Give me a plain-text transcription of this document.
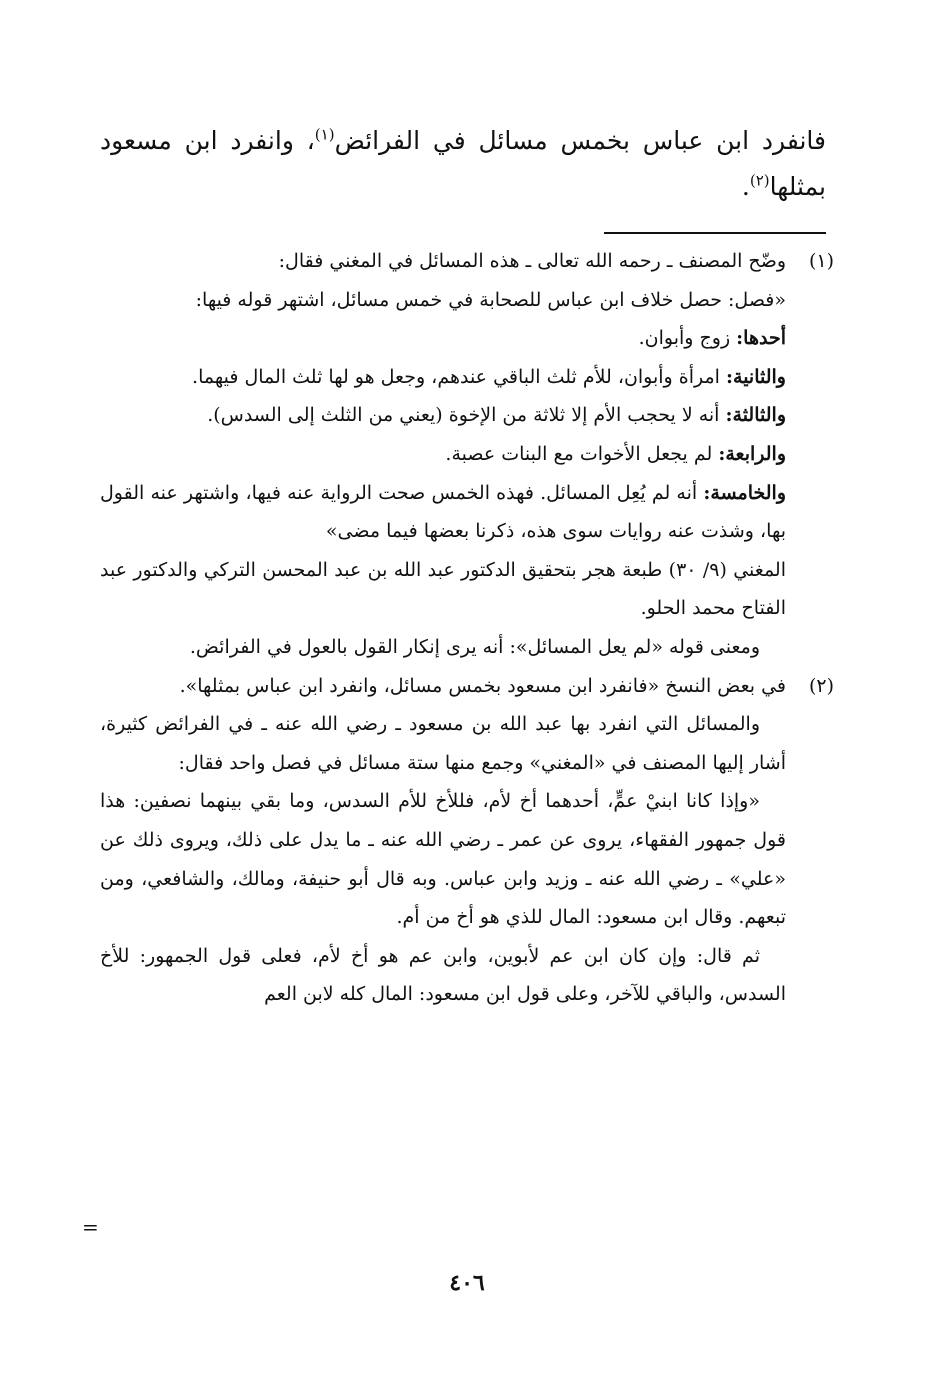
فانفرد ابن عباس بخمس مسائل في الفرائض$^{(١)}$، وانفرد ابن مسعود بمثلها$^{(٢)}$.

(١)

وضّح المصنف ـ رحمه الله تعالى ـ هذه المسائل في المغني فقال:

«فصل: حصل خلاف ابن عباس للصحابة في خمس مسائل، اشتهر قوله فيها:

أحدها: زوج وأبوان.

والثانية: امرأة وأبوان، للأم ثلث الباقي عندهم، وجعل هو لها ثلث المال فيهما.

والثالثة: أنه لا يحجب الأم إلا ثلاثة من الإخوة (يعني من الثلث إلى السدس).

والرابعة: لم يجعل الأخوات مع البنات عصبة.

والخامسة: أنه لم يُعِل المسائل. فهذه الخمس صحت الرواية عنه فيها، واشتهر عنه القول بها، وشذت عنه روايات سوى هذه، ذكرنا بعضها فيما مضى»

المغني (٩/ ٣٠) طبعة هجر بتحقيق الدكتور عبد الله بن عبد المحسن التركي والدكتور عبد الفتاح محمد الحلو.

ومعنى قوله «لم يعل المسائل»: أنه يرى إنكار القول بالعول في الفرائض.

(٢)

في بعض النسخ «فانفرد ابن مسعود بخمس مسائل، وانفرد ابن عباس بمثلها».

والمسائل التي انفرد بها عبد الله بن مسعود ـ رضي الله عنه ـ في الفرائض كثيرة، أشار إليها المصنف في «المغني» وجمع منها ستة مسائل في فصل واحد فقال:

«وإذا كانا ابنيْ عمٍّ، أحدهما أخ لأم، فللأخ للأم السدس، وما بقي بينهما نصفين: هذا قول جمهور الفقهاء، يروى عن عمر ـ رضي الله عنه ـ ما يدل على ذلك، ويروى ذلك عن «علي» ـ رضي الله عنه ـ وزيد وابن عباس. وبه قال أبو حنيفة، ومالك، والشافعي، ومن تبعهم. وقال ابن مسعود: المال للذي هو أخ من أم.

ثم قال: وإن كان ابن عم لأبوين، وابن عم هو أخ لأم، فعلى قول الجمهور: للأخ السدس، والباقي للآخر، وعلى قول ابن مسعود: المال كله لابن العم

=
٤٠٦
